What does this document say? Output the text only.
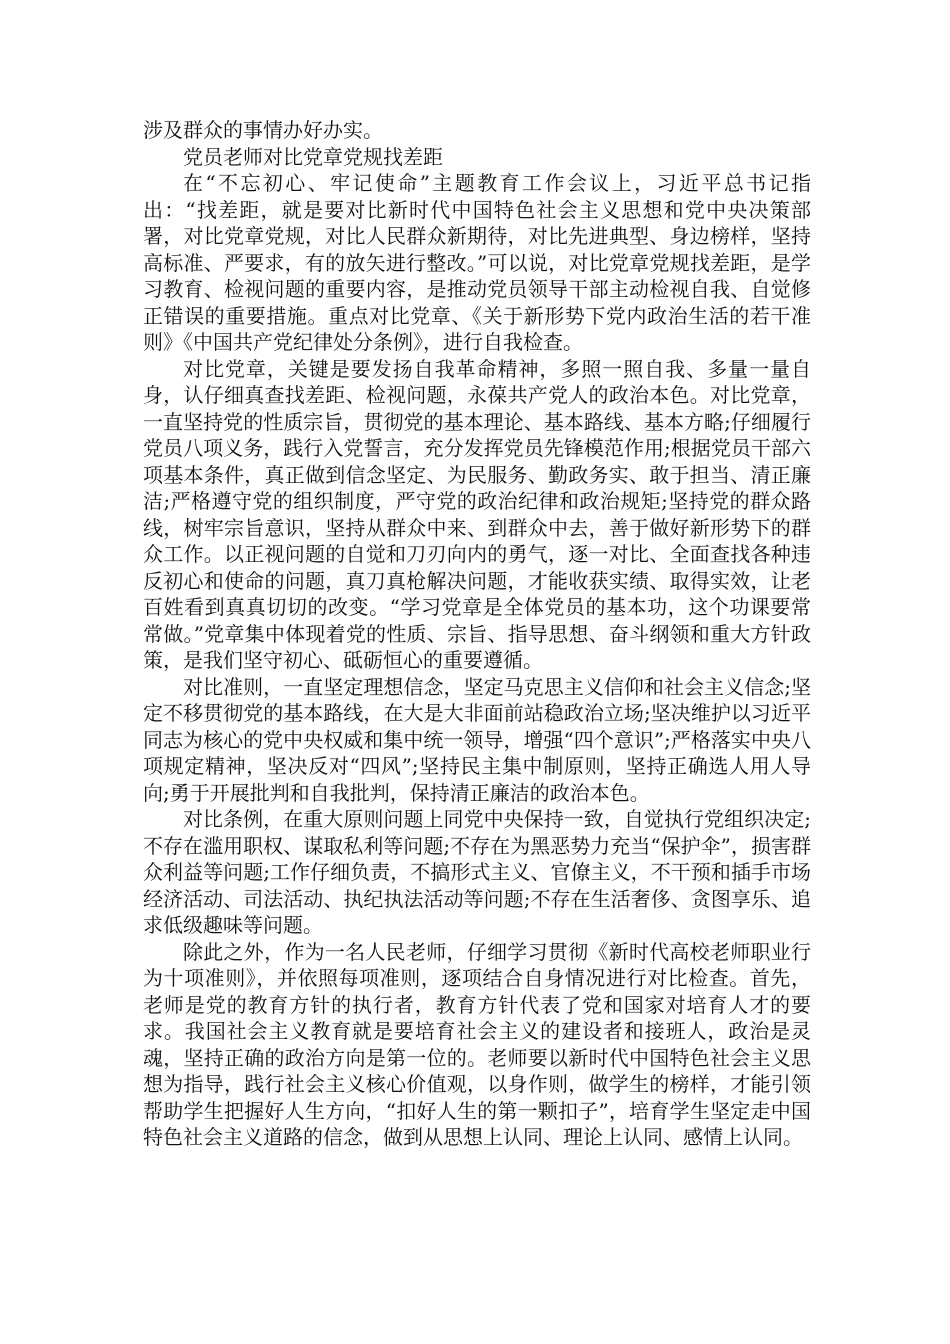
涉及群众的事情办好办实。

党员老师对比党章党规找差距

在“不忘初心、牢记使命”主题教育工作会议上，习近平总书记指出：“找差距，就是要对比新时代中国特色社会主义思想和党中央决策部署，对比党章党规，对比人民群众新期待，对比先进典型、身边榜样，坚持高标准、严要求，有的放矢进行整改。”可以说，对比党章党规找差距，是学习教育、检视问题的重要内容，是推动党员领导干部主动检视自我、自觉修正错误的重要措施。重点对比党章、《关于新形势下党内政治生活的若干准则》《中国共产党纪律处分条例》，进行自我检查。

对比党章，关键是要发扬自我革命精神，多照一照自我、多量一量自身，认仔细真查找差距、检视问题，永葆共产党人的政治本色。对比党章，一直坚持党的性质宗旨，贯彻党的基本理论、基本路线、基本方略;仔细履行党员八项义务，践行入党誓言，充分发挥党员先锋模范作用;根据党员干部六项基本条件，真正做到信念坚定、为民服务、勤政务实、敢于担当、清正廉洁;严格遵守党的组织制度，严守党的政治纪律和政治规矩;坚持党的群众路线，树牢宗旨意识，坚持从群众中来、到群众中去，善于做好新形势下的群众工作。以正视问题的自觉和刀刃向内的勇气，逐一对比、全面查找各种违反初心和使命的问题，真刀真枪解决问题，才能收获实绩、取得实效，让老百姓看到真真切切的改变。“学习党章是全体党员的基本功，这个功课要常常做。”党章集中体现着党的性质、宗旨、指导思想、奋斗纲领和重大方针政策，是我们坚守初心、砥砺恒心的重要遵循。

对比准则，一直坚定理想信念，坚定马克思主义信仰和社会主义信念;坚定不移贯彻党的基本路线，在大是大非面前站稳政治立场;坚决维护以习近平同志为核心的党中央权威和集中统一领导，增强“四个意识”;严格落实中央八项规定精神，坚决反对“四风”;坚持民主集中制原则，坚持正确选人用人导向;勇于开展批判和自我批判，保持清正廉洁的政治本色。

对比条例，在重大原则问题上同党中央保持一致，自觉执行党组织决定;不存在滥用职权、谋取私利等问题;不存在为黑恶势力充当“保护伞”，损害群众利益等问题;工作仔细负责，不搞形式主义、官僚主义，不干预和插手市场经济活动、司法活动、执纪执法活动等问题;不存在生活奢侈、贪图享乐、追求低级趣味等问题。

除此之外，作为一名人民老师，仔细学习贯彻《新时代高校老师职业行为十项准则》，并依照每项准则，逐项结合自身情况进行对比检查。首先，老师是党的教育方针的执行者，教育方针代表了党和国家对培育人才的要求。我国社会主义教育就是要培育社会主义的建设者和接班人，政治是灵魂，坚持正确的政治方向是第一位的。老师要以新时代中国特色社会主义思想为指导，践行社会主义核心价值观，以身作则，做学生的榜样，才能引领帮助学生把握好人生方向，“扣好人生的第一颗扣子”，培育学生坚定走中国特色社会主义道路的信念，做到从思想上认同、理论上认同、感情上认同。
